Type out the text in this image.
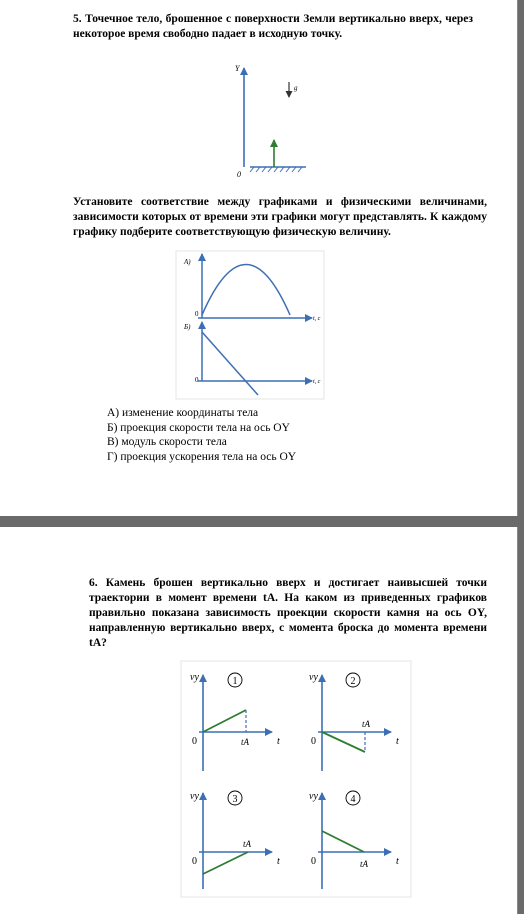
5. Точечное тело, брошенное с поверхности Земли вертикально вверх, через некоторое время свободно падает в исходную точку.

Y
0
g

Установите соответствие между графиками и физическими величинами, зависимости которых от времени эти графики могут представлять. К каждому графику подберите соответствующую физическую величину.

А)
0
t, c
Б)
0	t, c
А) изменение координаты тела
Б) проекция скорости тела на ось OY
В) модуль скорости тела
Г) проекция ускорения тела на ось OY

6. Камень брошен вертикально вверх и достигает наивысшей точки траектории в момент времени tA. На каком из приведенных графиков правильно показана зависимость проекции скорости камня на ось OY, направленную вертикально вверх, с момента броска до момента времени tA?

vy	1
0	t
tA
vy	2
0	t
tA
vy	3
0	t
tA
vy	4
0	t
tA
